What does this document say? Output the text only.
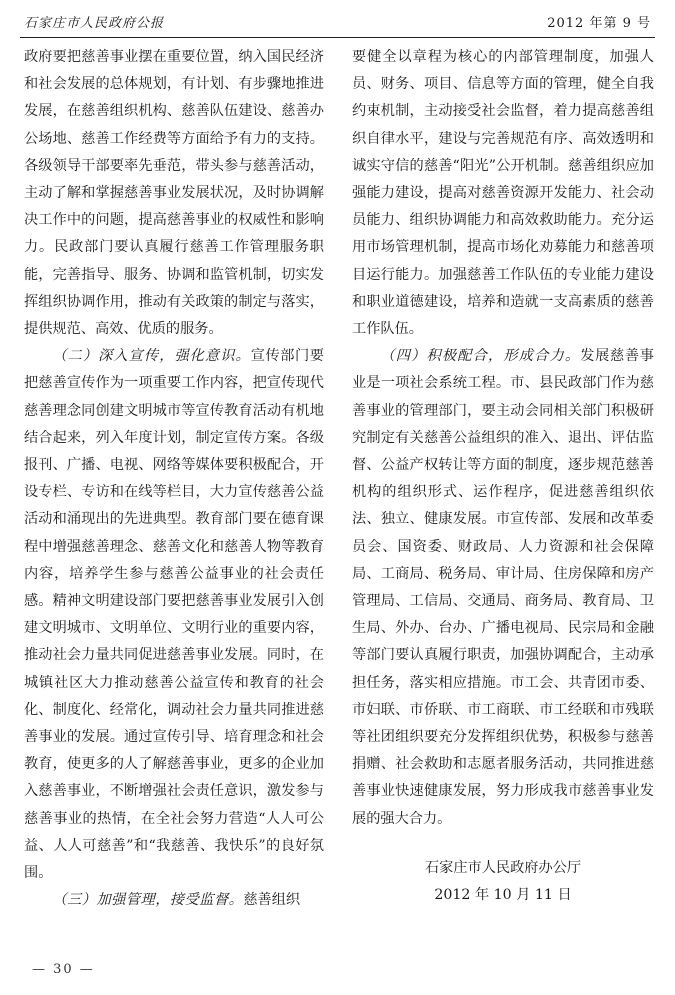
石家庄市人民政府公报	2012 年第 9 号

政府要把慈善事业摆在重要位置，纳入国民经济和社会发展的总体规划，有计划、有步骤地推进发展，在慈善组织机构、慈善队伍建设、慈善办公场地、慈善工作经费等方面给予有力的支持。各级领导干部要率先垂范，带头参与慈善活动，主动了解和掌握慈善事业发展状况，及时协调解决工作中的问题，提高慈善事业的权威性和影响力。民政部门要认真履行慈善工作管理服务职能，完善指导、服务、协调和监管机制，切实发挥组织协调作用，推动有关政策的制定与落实，提供规范、高效、优质的服务。

（二）深入宣传，强化意识。宣传部门要把慈善宣传作为一项重要工作内容，把宣传现代慈善理念同创建文明城市等宣传教育活动有机地结合起来，列入年度计划，制定宣传方案。各级报刊、广播、电视、网络等媒体要积极配合，开设专栏、专访和在线等栏目，大力宣传慈善公益活动和涌现出的先进典型。教育部门要在德育课程中增强慈善理念、慈善文化和慈善人物等教育内容，培养学生参与慈善公益事业的社会责任感。精神文明建设部门要把慈善事业发展引入创建文明城市、文明单位、文明行业的重要内容，推动社会力量共同促进慈善事业发展。同时，在城镇社区大力推动慈善公益宣传和教育的社会化、制度化、经常化，调动社会力量共同推进慈善事业的发展。通过宣传引导、培育理念和社会教育，使更多的人了解慈善事业，更多的企业加入慈善事业，不断增强社会责任意识，激发参与慈善事业的热情，在全社会努力营造“人人可公益、人人可慈善”和“我慈善、我快乐”的良好氛围。

（三）加强管理，接受监督。慈善组织

要健全以章程为核心的内部管理制度，加强人员、财务、项目、信息等方面的管理，健全自我约束机制，主动接受社会监督，着力提高慈善组织自律水平，建设与完善规范有序、高效透明和诚实守信的慈善“阳光”公开机制。慈善组织应加强能力建设，提高对慈善资源开发能力、社会动员能力、组织协调能力和高效救助能力。充分运用市场管理机制，提高市场化劝募能力和慈善项目运行能力。加强慈善工作队伍的专业能力建设和职业道德建设，培养和造就一支高素质的慈善工作队伍。

（四）积极配合，形成合力。发展慈善事业是一项社会系统工程。市、县民政部门作为慈善事业的管理部门，要主动会同相关部门积极研究制定有关慈善公益组织的准入、退出、评估监督、公益产权转让等方面的制度，逐步规范慈善机构的组织形式、运作程序，促进慈善组织依法、独立、健康发展。市宣传部、发展和改革委员会、国资委、财政局、人力资源和社会保障局、工商局、税务局、审计局、住房保障和房产管理局、工信局、交通局、商务局、教育局、卫生局、外办、台办、广播电视局、民宗局和金融等部门要认真履行职责，加强协调配合，主动承担任务，落实相应措施。市工会、共青团市委、市妇联、市侨联、市工商联、市工经联和市残联等社团组织要充分发挥组织优势，积极参与慈善捐赠、社会救助和志愿者服务活动，共同推进慈善事业快速健康发展，努力形成我市慈善事业发展的强大合力。

石家庄市人民政府办公厅

2012 年 10 月 11 日

— 30 —
